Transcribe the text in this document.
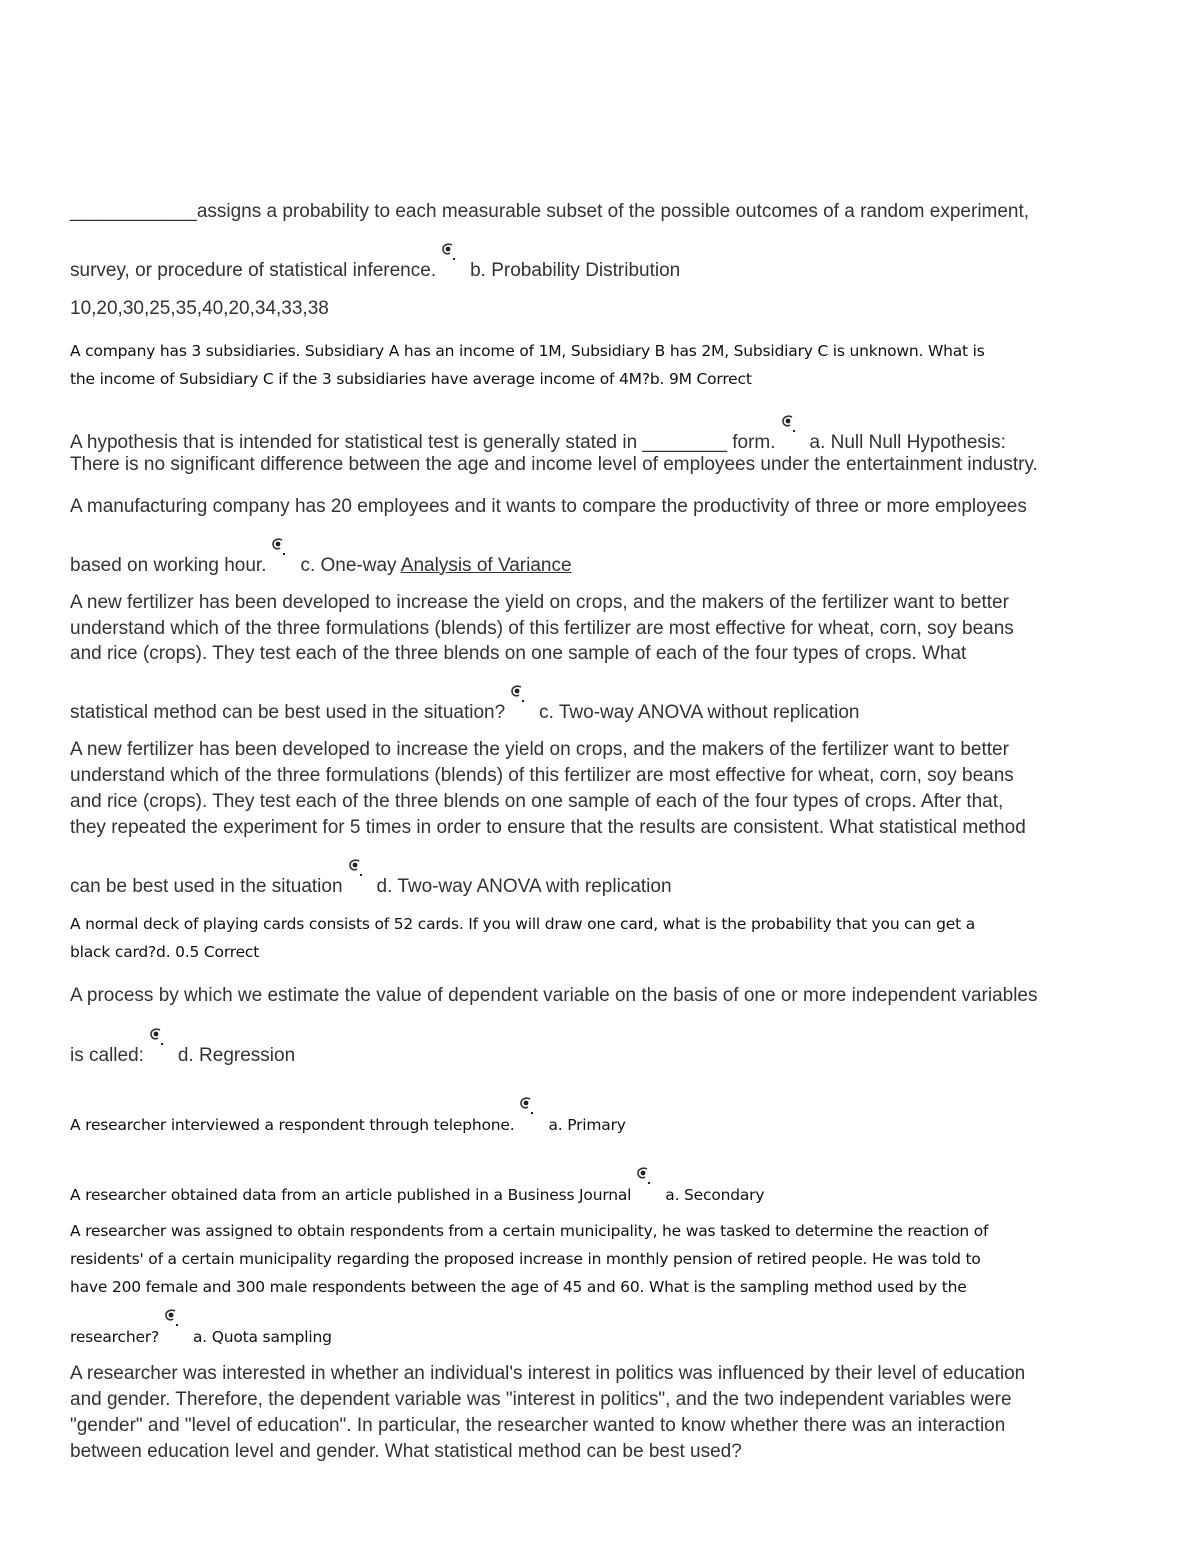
____________assigns a probability to each measurable subset of the possible outcomes of a random experiment,
survey, or procedure of statistical inference. b. Probability Distribution
10,20,30,25,35,40,20,34,33,38
A company has 3 subsidiaries. Subsidiary A has an income of 1M, Subsidiary B has 2M, Subsidiary C is unknown. What is
the income of Subsidiary C if the 3 subsidiaries have average income of 4M?b. 9M Correct
A hypothesis that is intended for statistical test is generally stated in ________ form. a. Null Null Hypothesis:
There is no significant difference between the age and income level of employees under the entertainment industry.
A manufacturing company has 20 employees and it wants to compare the productivity of three or more employees
based on working hour. c. One-way Analysis of Variance
A new fertilizer has been developed to increase the yield on crops, and the makers of the fertilizer want to better
understand which of the three formulations (blends) of this fertilizer are most effective for wheat, corn, soy beans
and rice (crops). They test each of the three blends on one sample of each of the four types of crops. What
statistical method can be best used in the situation? c. Two-way ANOVA without replication
A new fertilizer has been developed to increase the yield on crops, and the makers of the fertilizer want to better
understand which of the three formulations (blends) of this fertilizer are most effective for wheat, corn, soy beans
and rice (crops). They test each of the three blends on one sample of each of the four types of crops. After that,
they repeated the experiment for 5 times in order to ensure that the results are consistent. What statistical method
can be best used in the situation d. Two-way ANOVA with replication
A normal deck of playing cards consists of 52 cards. If you will draw one card, what is the probability that you can get a
black card?d. 0.5 Correct
A process by which we estimate the value of dependent variable on the basis of one or more independent variables
is called: d. Regression
A researcher interviewed a respondent through telephone. a. Primary
A researcher obtained data from an article published in a Business Journal a. Secondary
A researcher was assigned to obtain respondents from a certain municipality, he was tasked to determine the reaction of
residents' of a certain municipality regarding the proposed increase in monthly pension of retired people. He was told to
have 200 female and 300 male respondents between the age of 45 and 60. What is the sampling method used by the
researcher? a. Quota sampling
A researcher was interested in whether an individual's interest in politics was influenced by their level of education
and gender. Therefore, the dependent variable was "interest in politics", and the two independent variables were
"gender" and "level of education". In particular, the researcher wanted to know whether there was an interaction
between education level and gender. What statistical method can be best used?
